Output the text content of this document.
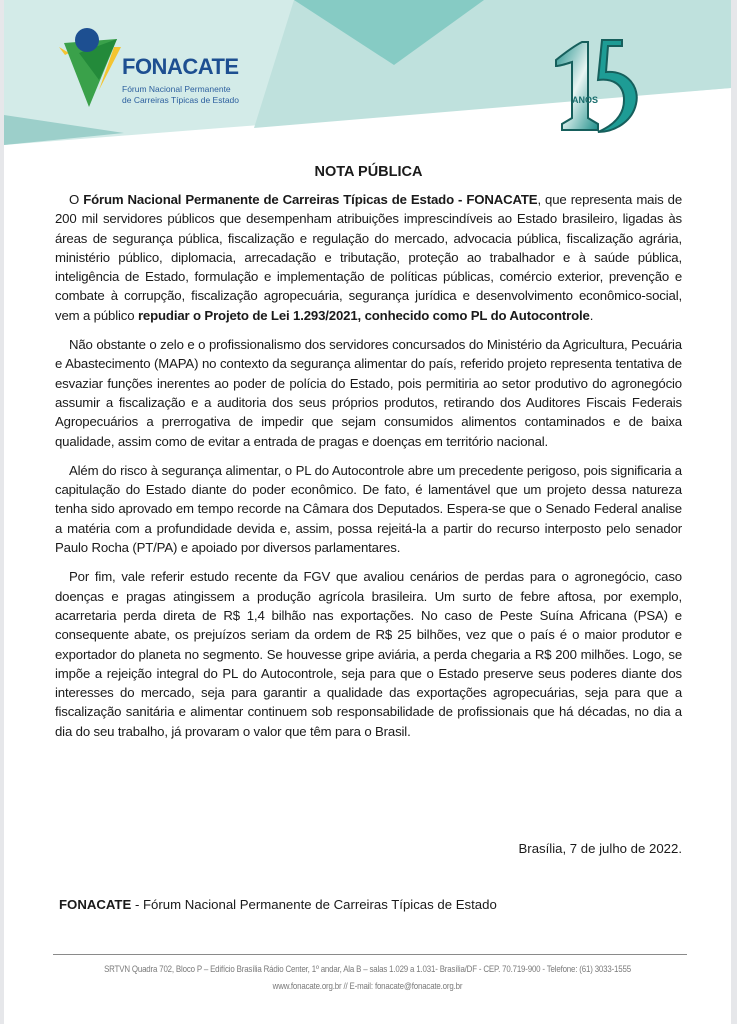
FONACATE
Fórum Nacional Permanente
de Carreiras Típicas de Estado	ANOS
NOTA PÚBLICA

O Fórum Nacional Permanente de Carreiras Típicas de Estado - FONACATE, que representa mais de 200 mil servidores públicos que desempenham atribuições imprescindíveis ao Estado brasileiro, ligadas às áreas de segurança pública, fiscalização e regulação do mercado, advocacia pública, fiscalização agrária, ministério público, diplomacia, arrecadação e tributação, proteção ao trabalhador e à saúde pública, inteligência de Estado, formulação e implementação de políticas públicas, comércio exterior, prevenção e combate à corrupção, fiscalização agropecuária, segurança jurídica e desenvolvimento econômico-social, vem a público repudiar o Projeto de Lei 1.293/2021, conhecido como PL do Autocontrole.

Não obstante o zelo e o profissionalismo dos servidores concursados do Ministério da Agricultura, Pecuária e Abastecimento (MAPA) no contexto da segurança alimentar do país, referido projeto representa tentativa de esvaziar funções inerentes ao poder de polícia do Estado, pois permitiria ao setor produtivo do agronegócio assumir a fiscalização e a auditoria dos seus próprios produtos, retirando dos Auditores Fiscais Federais Agropecuários a prerrogativa de impedir que sejam consumidos alimentos contaminados e de baixa qualidade, assim como de evitar a entrada de pragas e doenças em território nacional.

Além do risco à segurança alimentar, o PL do Autocontrole abre um precedente perigoso, pois significaria a capitulação do Estado diante do poder econômico. De fato, é lamentável que um projeto dessa natureza tenha sido aprovado em tempo recorde na Câmara dos Deputados. Espera-se que o Senado Federal analise a matéria com a profundidade devida e, assim, possa rejeitá-la a partir do recurso interposto pelo senador Paulo Rocha (PT/PA) e apoiado por diversos parlamentares.

Por fim, vale referir estudo recente da FGV que avaliou cenários de perdas para o agronegócio, caso doenças e pragas atingissem a produção agrícola brasileira. Um surto de febre aftosa, por exemplo, acarretaria perda direta de R$ 1,4 bilhão nas exportações. No caso de Peste Suína Africana (PSA) e consequente abate, os prejuízos seriam da ordem de R$ 25 bilhões, vez que o país é o maior produtor e exportador do planeta no segmento. Se houvesse gripe aviária, a perda chegaria a R$ 200 milhões. Logo, se impõe a rejeição integral do PL do Autocontrole, seja para que o Estado preserve seus poderes diante dos interesses do mercado, seja para garantir a qualidade das exportações agropecuárias, seja para que a fiscalização sanitária e alimentar continuem sob responsabilidade de profissionais que há décadas, no dia a dia do seu trabalho, já provaram o valor que têm para o Brasil.

Brasília, 7 de julho de 2022.
FONACATE - Fórum Nacional Permanente de Carreiras Típicas de Estado
SRTVN Quadra 702, Bloco P – Edifício Brasília Rádio Center, 1º andar, Ala B – salas 1.029 a 1.031- Brasília/DF - CEP. 70.719-900 - Telefone: (61) 3033-1555
www.fonacate.org.br // E-mail: fonacate@fonacate.org.br
